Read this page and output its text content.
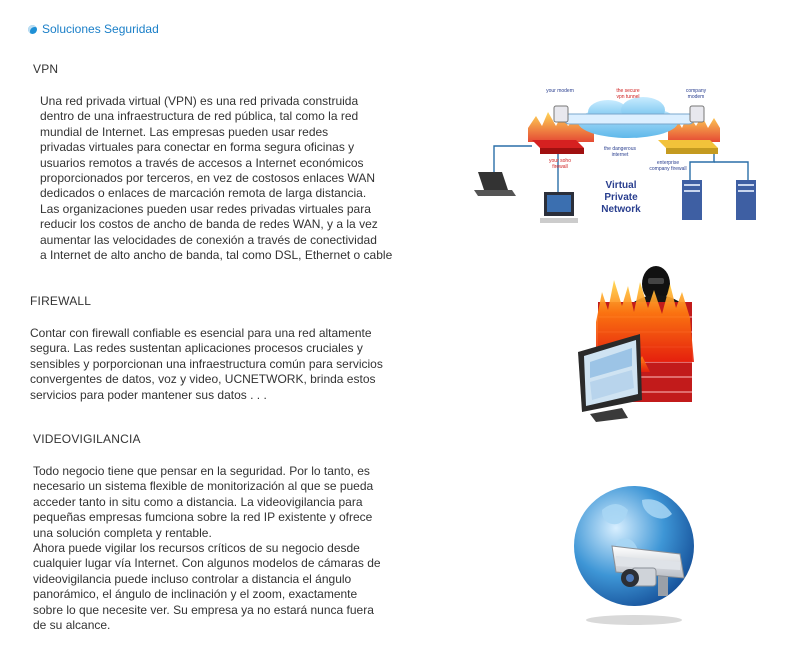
Soluciones Seguridad
VPN
Una red privada virtual (VPN) es una red privada construida
dentro de una infraestructura de red pública, tal como la red
mundial de Internet. Las empresas pueden usar redes
privadas virtuales para conectar en forma segura oficinas y
usuarios remotos a través de accesos a Internet económicos
proporcionados por terceros, en vez de costosos enlaces WAN
dedicados o enlaces de marcación remota de larga distancia.
Las organizaciones pueden usar redes privadas virtuales para
reducir los costos de ancho de banda de redes WAN, y a la vez
aumentar las velocidades de conexión a través de conectividad
a Internet de alto ancho de banda, tal como DSL, Ethernet o cable
your modem	the secure
vpn tunnel
company
modem
the dangerous
internet
your soho
firewall
enterprise
company firewall
Virtual
Private
Network
FIREWALL
Contar con firewall confiable es esencial para una red altamente
segura. Las redes sustentan aplicaciones procesos cruciales y
sensibles y porporcionan una infraestructura común para servicios
convergentes de datos, voz y video, UCNETWORK, brinda estos
servicios para poder mantener sus datos . . .
VIDEOVIGILANCIA
Todo negocio tiene que pensar en la seguridad. Por lo tanto, es
necesario un sistema flexible de monitorización al que se pueda
acceder tanto in situ como a distancia. La videovigilancia para
pequeñas empresas fumciona sobre la red IP existente y ofrece
una solución completa y rentable.
Ahora puede vigilar los recursos críticos de su negocio desde
cualquier lugar vía Internet. Con algunos modelos de cámaras de
videovigilancia puede incluso controlar a distancia el ángulo
panorámico, el ángulo de inclinación y el zoom, exactamente
sobre lo que necesite ver. Su empresa ya no estará nunca fuera
de su alcance.
